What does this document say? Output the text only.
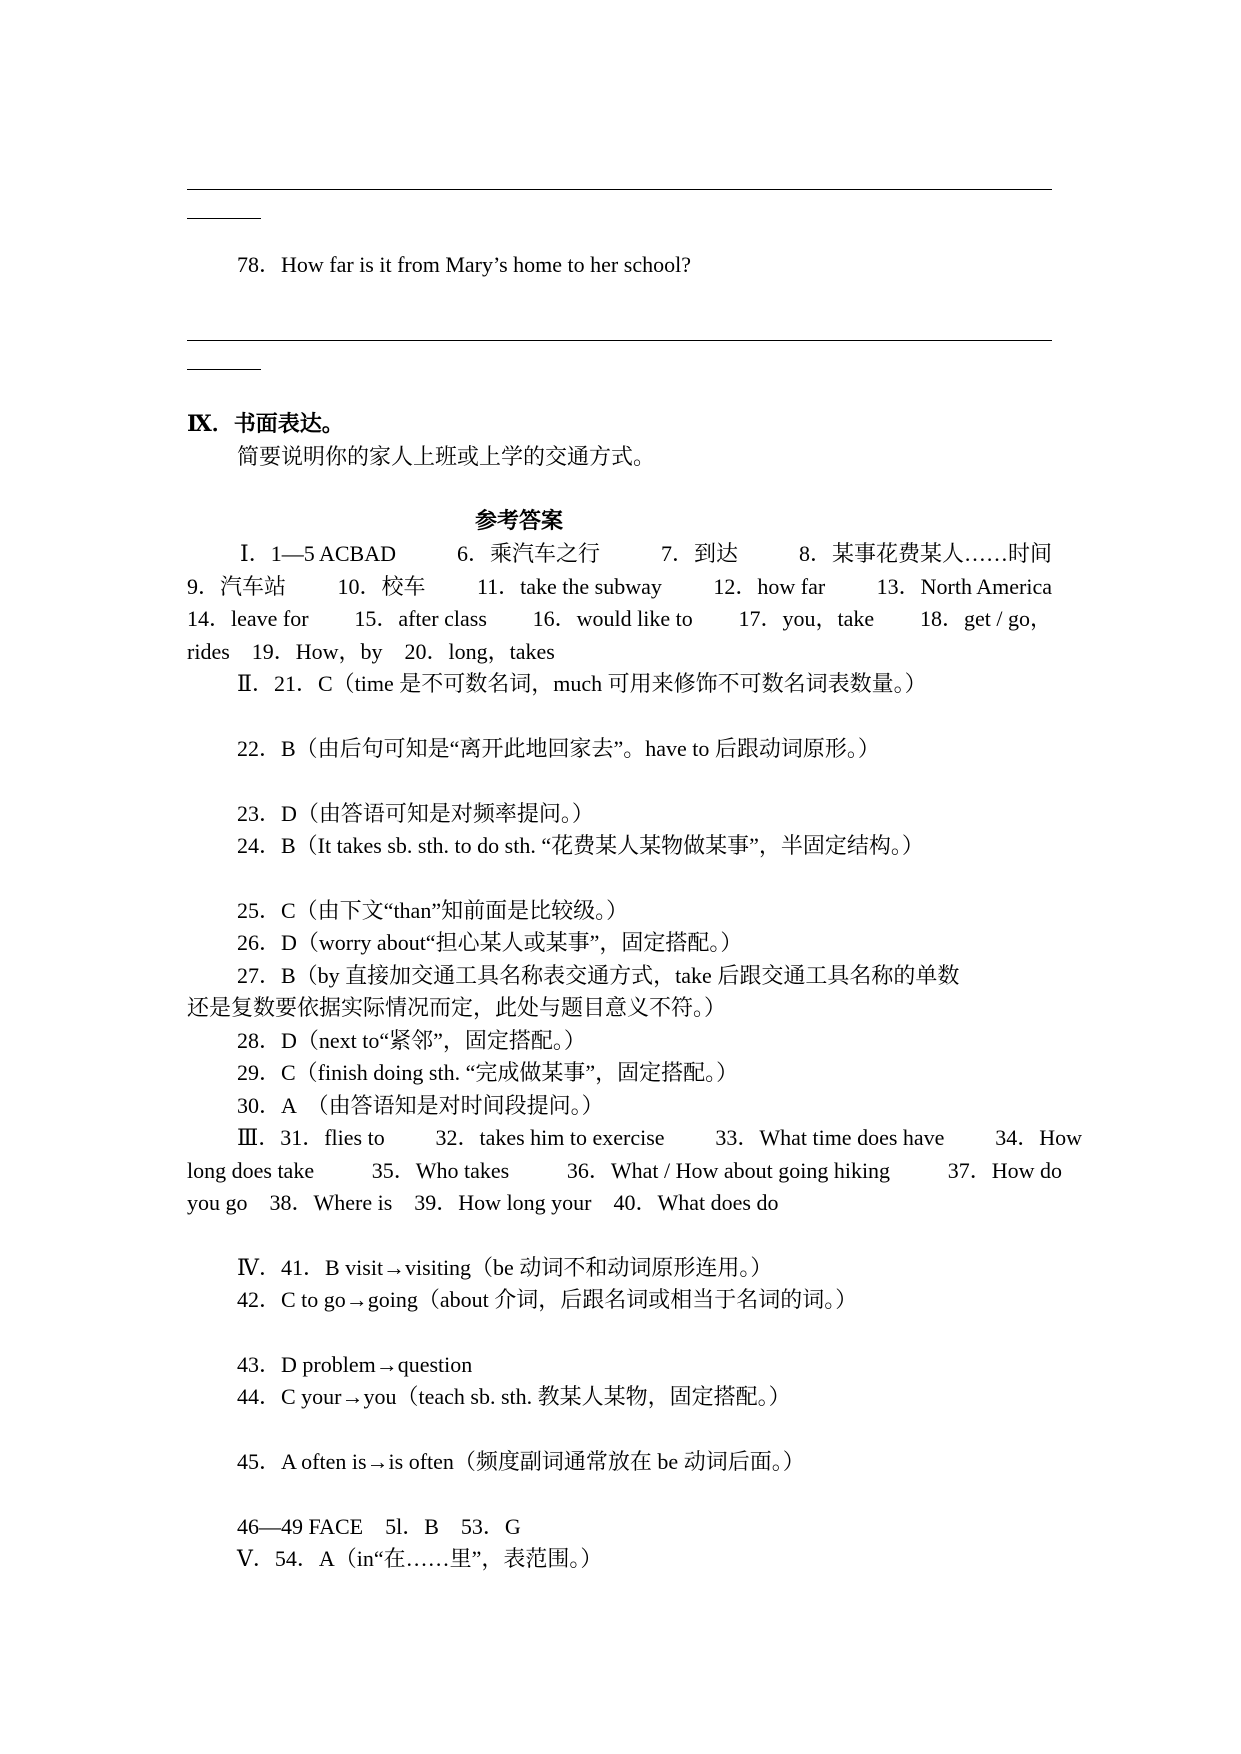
78．How far is it from Mary’s home to her school?
Ⅸ．书面表达。
简要说明你的家人上班或上学的交通方式。
参考答案
Ⅰ．1—5 ACBAD	6．乘汽车之行	7．到达	8．某事花费某人……时间
9．汽车站 10．校车 11．take the subway 12．how far 13．North America
14．leave for 15．after class 16．would like to 17．you，take 18．get / go，
rides　19．How，by　20．long，takes
Ⅱ．21．C（time 是不可数名词，much 可用来修饰不可数名词表数量。）
22．B（由后句可知是“离开此地回家去”。have to 后跟动词原形。）
23．D（由答语可知是对频率提问。）
24．B（It takes sb. sth. to do sth. “花费某人某物做某事”，半固定结构。）
25．C（由下文“than”知前面是比较级。）
26．D（worry about“担心某人或某事”，固定搭配。）
27．B（by 直接加交通工具名称表交通方式，take 后跟交通工具名称的单数
还是复数要依据实际情况而定，此处与题目意义不符。）
28．D（next to“紧邻”，固定搭配。）
29．C（finish doing sth. “完成做某事”，固定搭配。）
30．A　（由答语知是对时间段提问。）
Ⅲ．31．flies to 32．takes him to exercise 33．What time does have 34．How
long does take	35．Who takes	36．What / How about going hiking	37．How do
you go　38．Where is　39．How long your　40．What does do
Ⅳ．41．B visit→visiting（be 动词不和动词原形连用。）
42．C to go→going（about 介词，后跟名词或相当于名词的词。）
43．D problem→question
44．C your→you（teach sb. sth. 教某人某物，固定搭配。）
45．A often is→is often（频度副词通常放在 be 动词后面。）
46—49 FACE　5l．B　53．G
Ⅴ．54．A（in“在……里”，表范围。）
